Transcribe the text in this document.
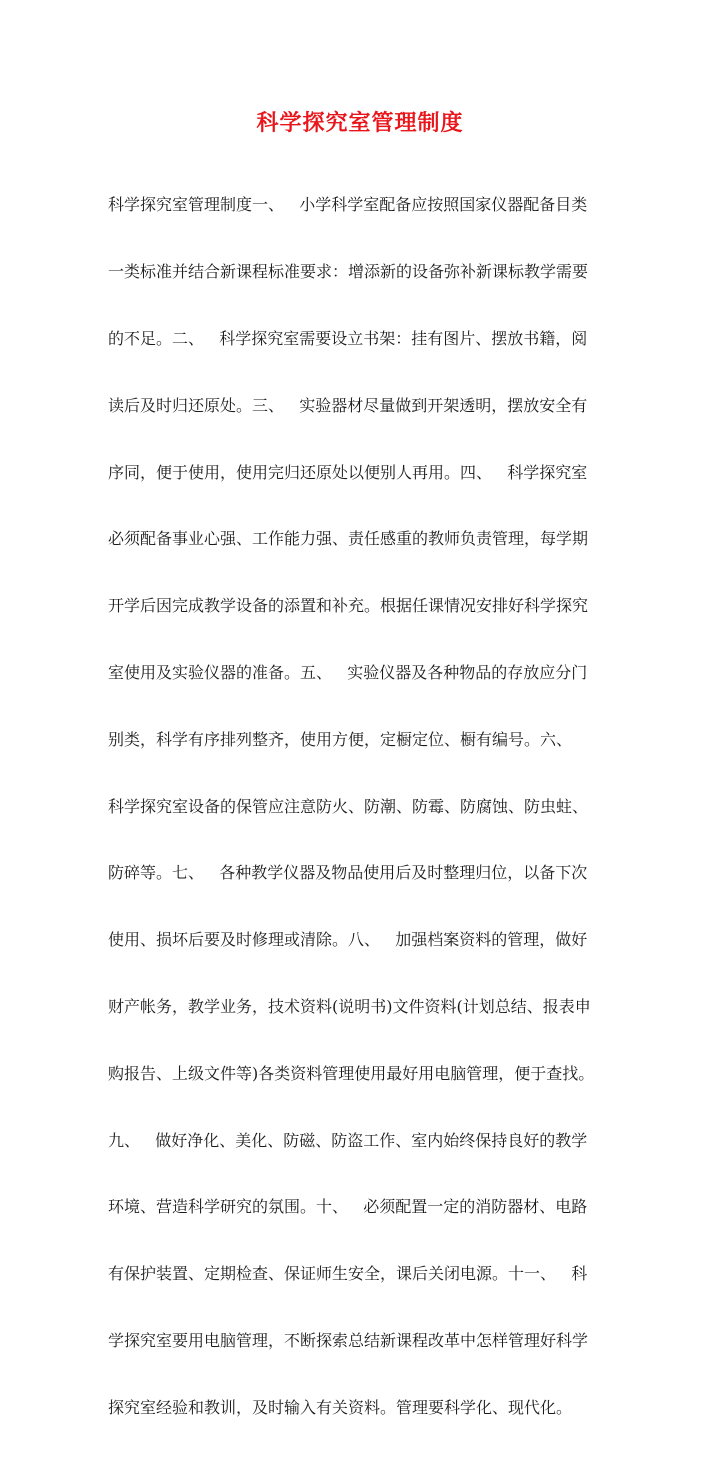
科学探究室管理制度

科学探究室管理制度一、   小学科学室配备应按照国家仪器配备目类

一类标准并结合新课程标准要求：增添新的设备弥补新课标教学需要

的不足。二、   科学探究室需要设立书架：挂有图片、摆放书籍，阅

读后及时归还原处。三、   实验器材尽量做到开架透明，摆放安全有

序同，便于使用，使用完归还原处以便别人再用。四、   科学探究室

必须配备事业心强、工作能力强、责任感重的教师负责管理，每学期

开学后因完成教学设备的添置和补充。根据任课情况安排好科学探究

室使用及实验仪器的准备。五、   实验仪器及各种物品的存放应分门

别类，科学有序排列整齐，使用方便，定橱定位、橱有编号。六、

科学探究室设备的保管应注意防火、防潮、防霉、防腐蚀、防虫蛀、

防碎等。七、   各种教学仪器及物品使用后及时整理归位，以备下次

使用、损坏后要及时修理或清除。八、   加强档案资料的管理，做好

财产帐务，教学业务，技术资料(说明书)文件资料(计划总结、报表申

购报告、上级文件等)各类资料管理使用最好用电脑管理，便于查找。

九、   做好净化、美化、防磁、防盗工作、室内始终保持良好的教学

环境、营造科学研究的氛围。十、   必须配置一定的消防器材、电路

有保护装置、定期检查、保证师生安全，课后关闭电源。十一、   科

学探究室要用电脑管理，不断探索总结新课程改革中怎样管理好科学

探究室经验和教训，及时输入有关资料。管理要科学化、现代化。
